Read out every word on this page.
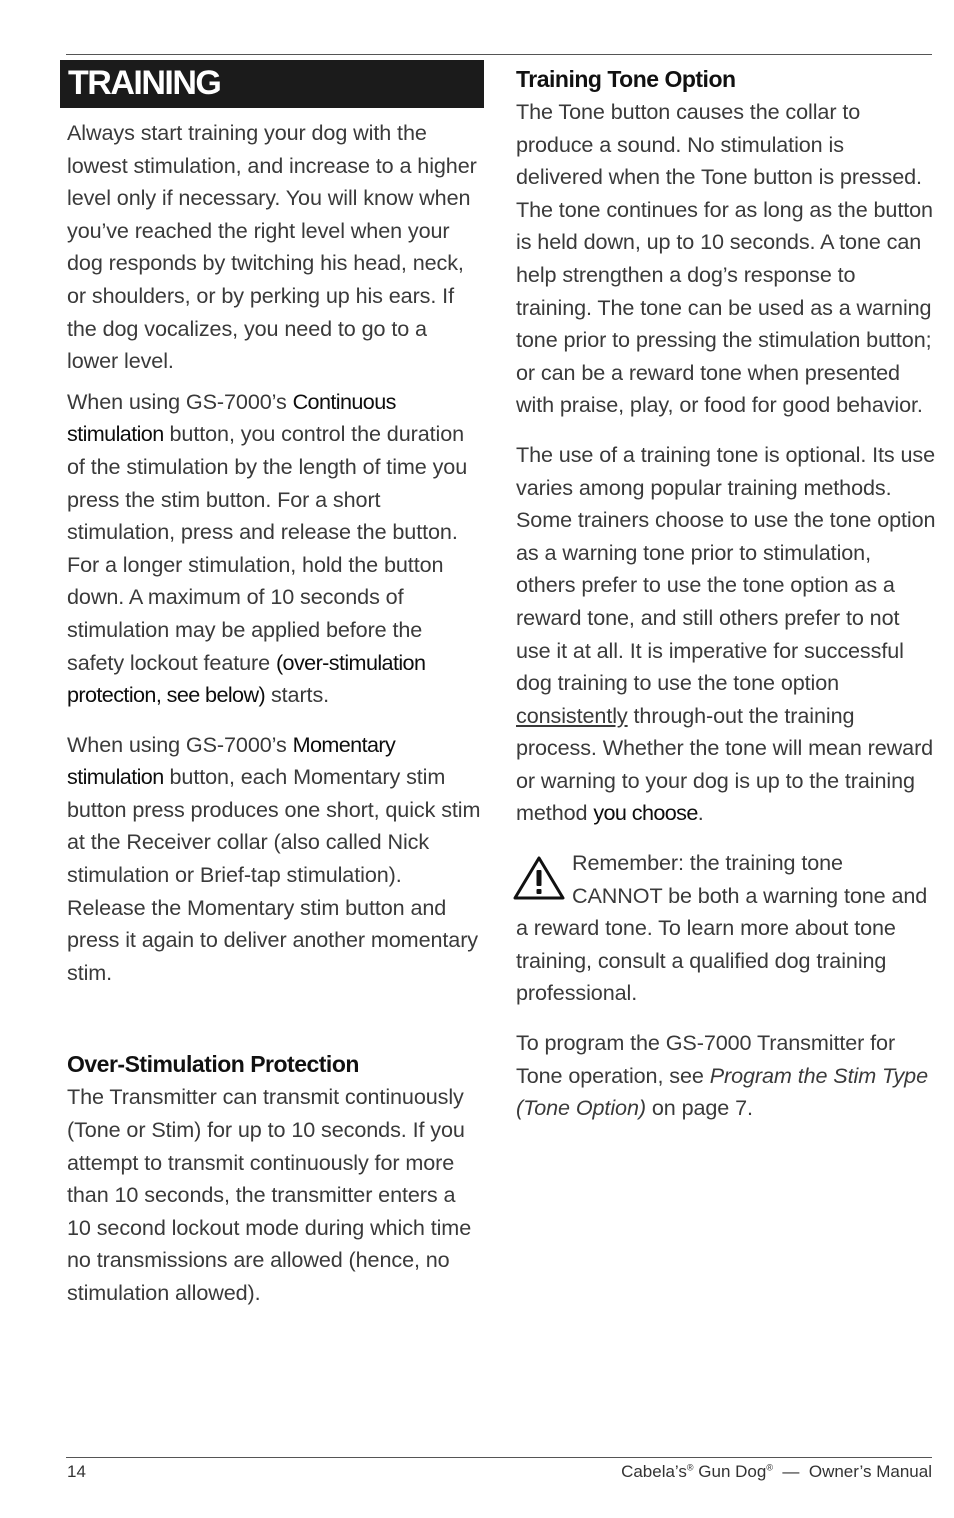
TRAINING

Always start training your dog with the lowest stimulation, and increase to a higher level only if necessary. You will know when you’ve reached the right level when your dog responds by twitching his head, neck, or shoulders, or by perking up his ears. If the dog vocalizes, you need to go to a lower level.

When using GS-7000’s Continuous stimulation button, you control the duration of the stimulation by the length of time you press the stim button. For a short stimulation, press and release the button. For a longer stimulation, hold the button down. A maximum of 10 seconds of stimulation may be applied before the safety lockout feature (over-stimulation protection, see below) starts.

When using GS-7000’s Momentary stimulation button, each Momentary stim button press produces one short, quick stim at the Receiver collar (also called Nick stimulation or Brief-tap stimulation). Release the Momentary stim button and press it again to deliver another momentary stim.

Over-Stimulation Protection

The Transmitter can transmit continuously (Tone or Stim) for up to 10 seconds. If you attempt to transmit continuously for more than 10 seconds, the transmitter enters a 10 second lockout mode during which time no transmissions are allowed (hence, no stimulation allowed).

Training Tone Option

The Tone button causes the collar to produce a sound. No stimulation is delivered when the Tone button is pressed. The tone continues for as long as the button is held down, up to 10 seconds. A tone can help strengthen a dog’s response to training. The tone can be used as a warning tone prior to pressing the stimulation button; or can be a reward tone when presented with praise, play, or food for good behavior.

The use of a training tone is optional. Its use varies among popular training methods. Some trainers choose to use the tone option as a warning tone prior to stimulation, others prefer to use the tone option as a reward tone, and still others prefer to not use it at all. It is imperative for successful dog training to use the tone option consistently through-out the training process. Whether the tone will mean reward or warning to your dog is up to the training method you choose.

Remember: the training tone CANNOT be both a warning tone and a reward tone. To learn more about tone training, consult a qualified dog training professional.

To program the GS-7000 Transmitter for Tone operation, see Program the Stim Type (Tone Option) on page 7.

14	Cabela’s® Gun Dog®  —  Owner’s Manual
